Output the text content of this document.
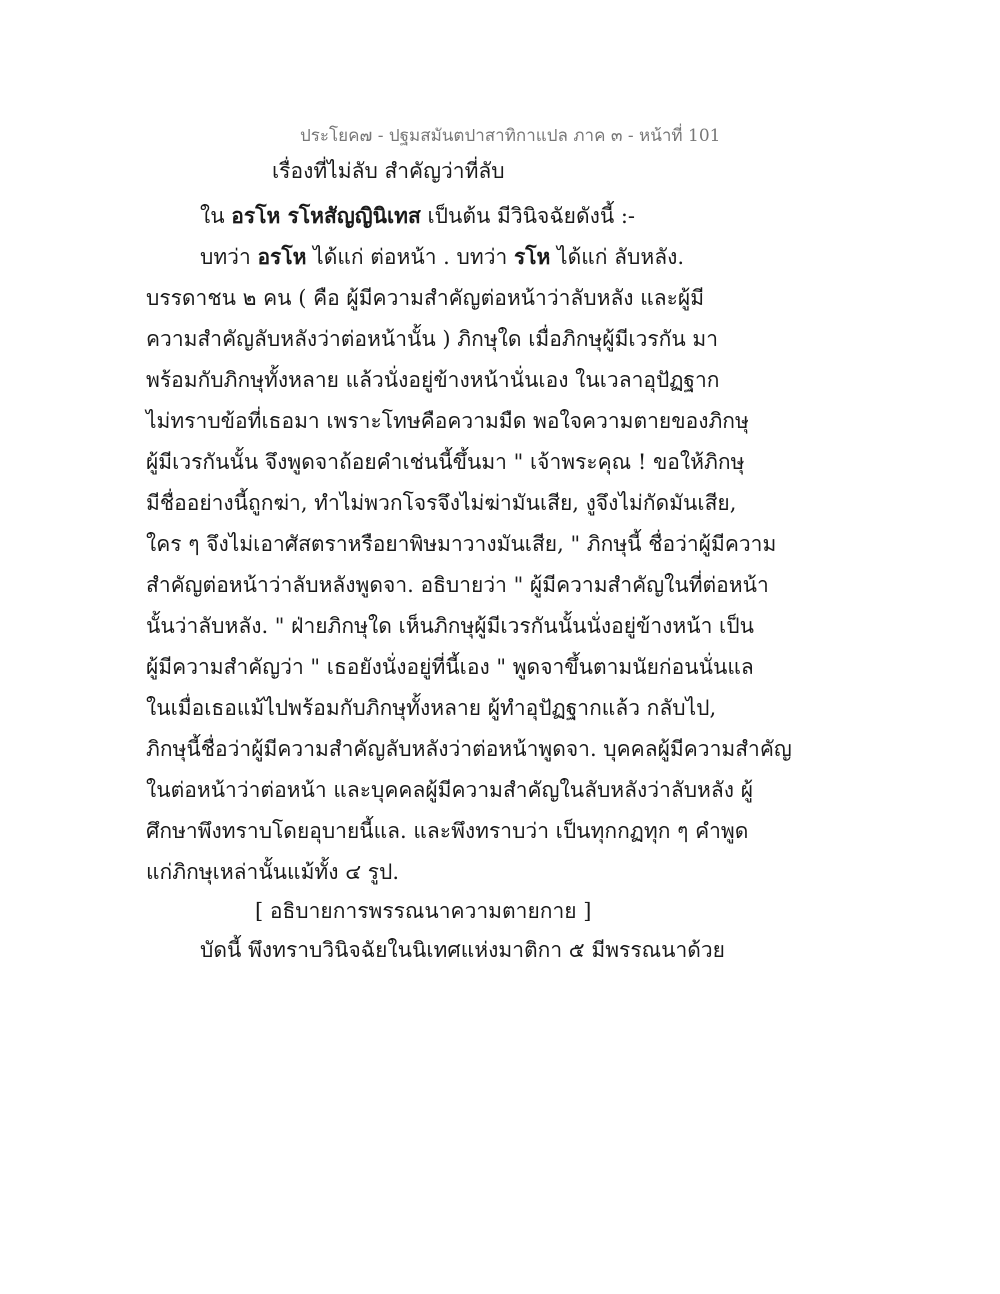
ประโยค๗ - ปฐมสมันตปาสาทิกาแปล ภาค ๓ - หน้าที่ 101
เรื่องที่ไม่ลับ สำคัญว่าที่ลับ
ใน อรโห รโหสัญญินิเทส เป็นต้น มีวินิจฉัยดังนี้ :-
บทว่า อรโห ได้แก่ ต่อหน้า . บทว่า รโห ได้แก่ ลับหลัง.
บรรดาชน ๒ คน ( คือ ผู้มีความสำคัญต่อหน้าว่าลับหลัง และผู้มี
ความสำคัญลับหลังว่าต่อหน้านั้น ) ภิกษุใด เมื่อภิกษุผู้มีเวรกัน มา
พร้อมกับภิกษุทั้งหลาย แล้วนั่งอยู่ข้างหน้านั่นเอง ในเวลาอุปัฏฐาก
ไม่ทราบข้อที่เธอมา เพราะโทษคือความมืด พอใจความตายของภิกษุ
ผู้มีเวรกันนั้น จึงพูดจาถ้อยคำเช่นนี้ขึ้นมา " เจ้าพระคุณ ! ขอให้ภิกษุ
มีชื่ออย่างนี้ถูกฆ่า, ทำไม่พวกโจรจึงไม่ฆ่ามันเสีย, งูจึงไม่กัดมันเสีย,
ใคร ๆ จึงไม่เอาศัสตราหรือยาพิษมาวางมันเสีย, " ภิกษุนี้ ชื่อว่าผู้มีความ
สำคัญต่อหน้าว่าลับหลังพูดจา. อธิบายว่า " ผู้มีความสำคัญในที่ต่อหน้า
นั้นว่าลับหลัง. " ฝ่ายภิกษุใด เห็นภิกษุผู้มีเวรกันนั้นนั่งอยู่ข้างหน้า เป็น
ผู้มีความสำคัญว่า " เธอยังนั่งอยู่ที่นี้เอง " พูดจาขึ้นตามนัยก่อนนั่นแล
ในเมื่อเธอแม้ไปพร้อมกับภิกษุทั้งหลาย ผู้ทำอุปัฏฐากแล้ว กลับไป,
ภิกษุนี้ชื่อว่าผู้มีความสำคัญลับหลังว่าต่อหน้าพูดจา. บุคคลผู้มีความสำคัญ
ในต่อหน้าว่าต่อหน้า และบุคคลผู้มีความสำคัญในลับหลังว่าลับหลัง ผู้
ศึกษาพึงทราบโดยอุบายนี้แล. และพึงทราบว่า เป็นทุกกฏทุก ๆ คำพูด
แก่ภิกษุเหล่านั้นแม้ทั้ง ๔ รูป.
[ อธิบายการพรรณนาความตายกาย ]
บัดนี้ พึงทราบวินิจฉัยในนิเทศแห่งมาติกา ๕ มีพรรณนาด้วย
